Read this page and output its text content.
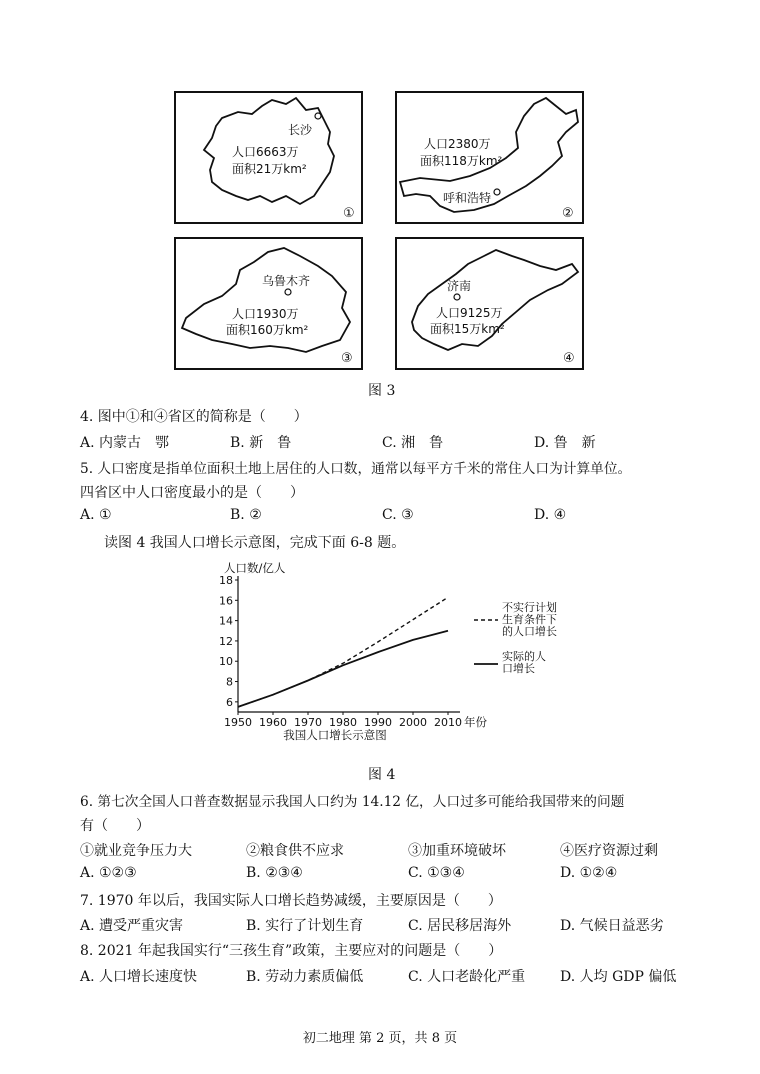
长沙
人口6663万
面积21万km²
①
人口2380万
面积118万km²
呼和浩特
②
乌鲁木齐
人口1930万
面积160万km²
③
济南
人口9125万
面积15万km²
④
图 3
4. 图中①和④省区的简称是（　　）
A. 内蒙古　鄂	B. 新　鲁	C. 湘　鲁	D. 鲁　新
5. 人口密度是指单位面积土地上居住的人口数，通常以每平方千米的常住人口为计算单位。
四省区中人口密度最小的是（　　）
A. ①	B. ②	C. ③	D. ④
读图 4 我国人口增长示意图，完成下面 6-8 题。
6
8
10
12
14
16
18
1950 1960 1970 1980 1990 2000 2010
人口数/亿人
年份
我国人口增长示意图
不实行计划
生育条件下
的人口增长
实际的人
口增长
图 4
6. 第七次全国人口普查数据显示我国人口约为 14.12 亿，人口过多可能给我国带来的问题
有（　　）
①就业竞争压力大	②粮食供不应求	③加重环境破坏	④医疗资源过剩
A. ①②③	B. ②③④	C. ①③④	D. ①②④
7. 1970 年以后，我国实际人口增长趋势减缓，主要原因是（　　）
A. 遭受严重灾害	B. 实行了计划生育	C. 居民移居海外	D. 气候日益恶劣
8. 2021 年起我国实行“三孩生育”政策，主要应对的问题是（　　）
A. 人口增长速度快	B. 劳动力素质偏低	C. 人口老龄化严重 D. 人均 GDP 偏低
初二地理 第 2 页，共 8 页
